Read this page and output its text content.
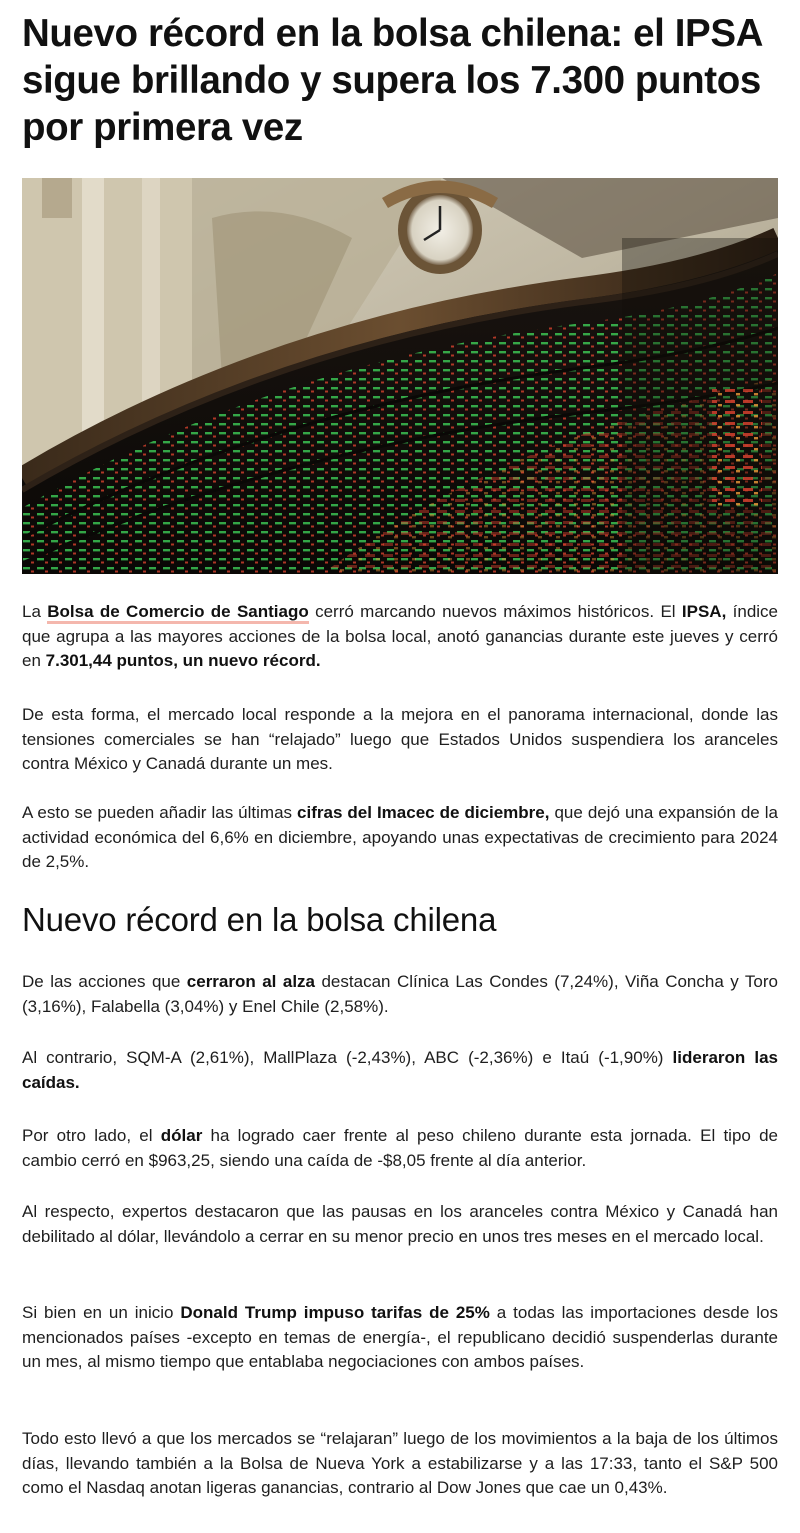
Nuevo récord en la bolsa chilena: el IPSA sigue brillando y supera los 7.300 puntos por primera vez

La Bolsa de Comercio de Santiago cerró marcando nuevos máximos históricos. El IPSA, índice que agrupa a las mayores acciones de la bolsa local, anotó ganancias durante este jueves y cerró en 7.301,44 puntos, un nuevo récord.

De esta forma, el mercado local responde a la mejora en el panorama internacional, donde las tensiones comerciales se han “relajado” luego que Estados Unidos suspendiera los aranceles contra México y Canadá durante un mes.

A esto se pueden añadir las últimas cifras del Imacec de diciembre, que dejó una expansión de la actividad económica del 6,6% en diciembre, apoyando unas expectativas de crecimiento para 2024 de 2,5%.

Nuevo récord en la bolsa chilena

De las acciones que cerraron al alza destacan Clínica Las Condes (7,24%), Viña Concha y Toro (3,16%), Falabella (3,04%) y Enel Chile (2,58%).

Al contrario, SQM-A (2,61%), MallPlaza (-2,43%), ABC (-2,36%) e Itaú (-1,90%) lideraron las caídas.

Por otro lado, el dólar ha logrado caer frente al peso chileno durante esta jornada. El tipo de cambio cerró en $963,25, siendo una caída de -$8,05 frente al día anterior.

Al respecto, expertos destacaron que las pausas en los aranceles contra México y Canadá han debilitado al dólar, llevándolo a cerrar en su menor precio en unos tres meses en el mercado local.

Si bien en un inicio Donald Trump impuso tarifas de 25% a todas las importaciones desde los mencionados países -excepto en temas de energía-, el republicano decidió suspenderlas durante un mes, al mismo tiempo que entablaba negociaciones con ambos países.

Todo esto llevó a que los mercados se “relajaran” luego de los movimientos a la baja de los últimos días, llevando también a la Bolsa de Nueva York a estabilizarse y a las 17:33, tanto el S&P 500 como el Nasdaq anotan ligeras ganancias, contrario al Dow Jones que cae un 0,43%.
